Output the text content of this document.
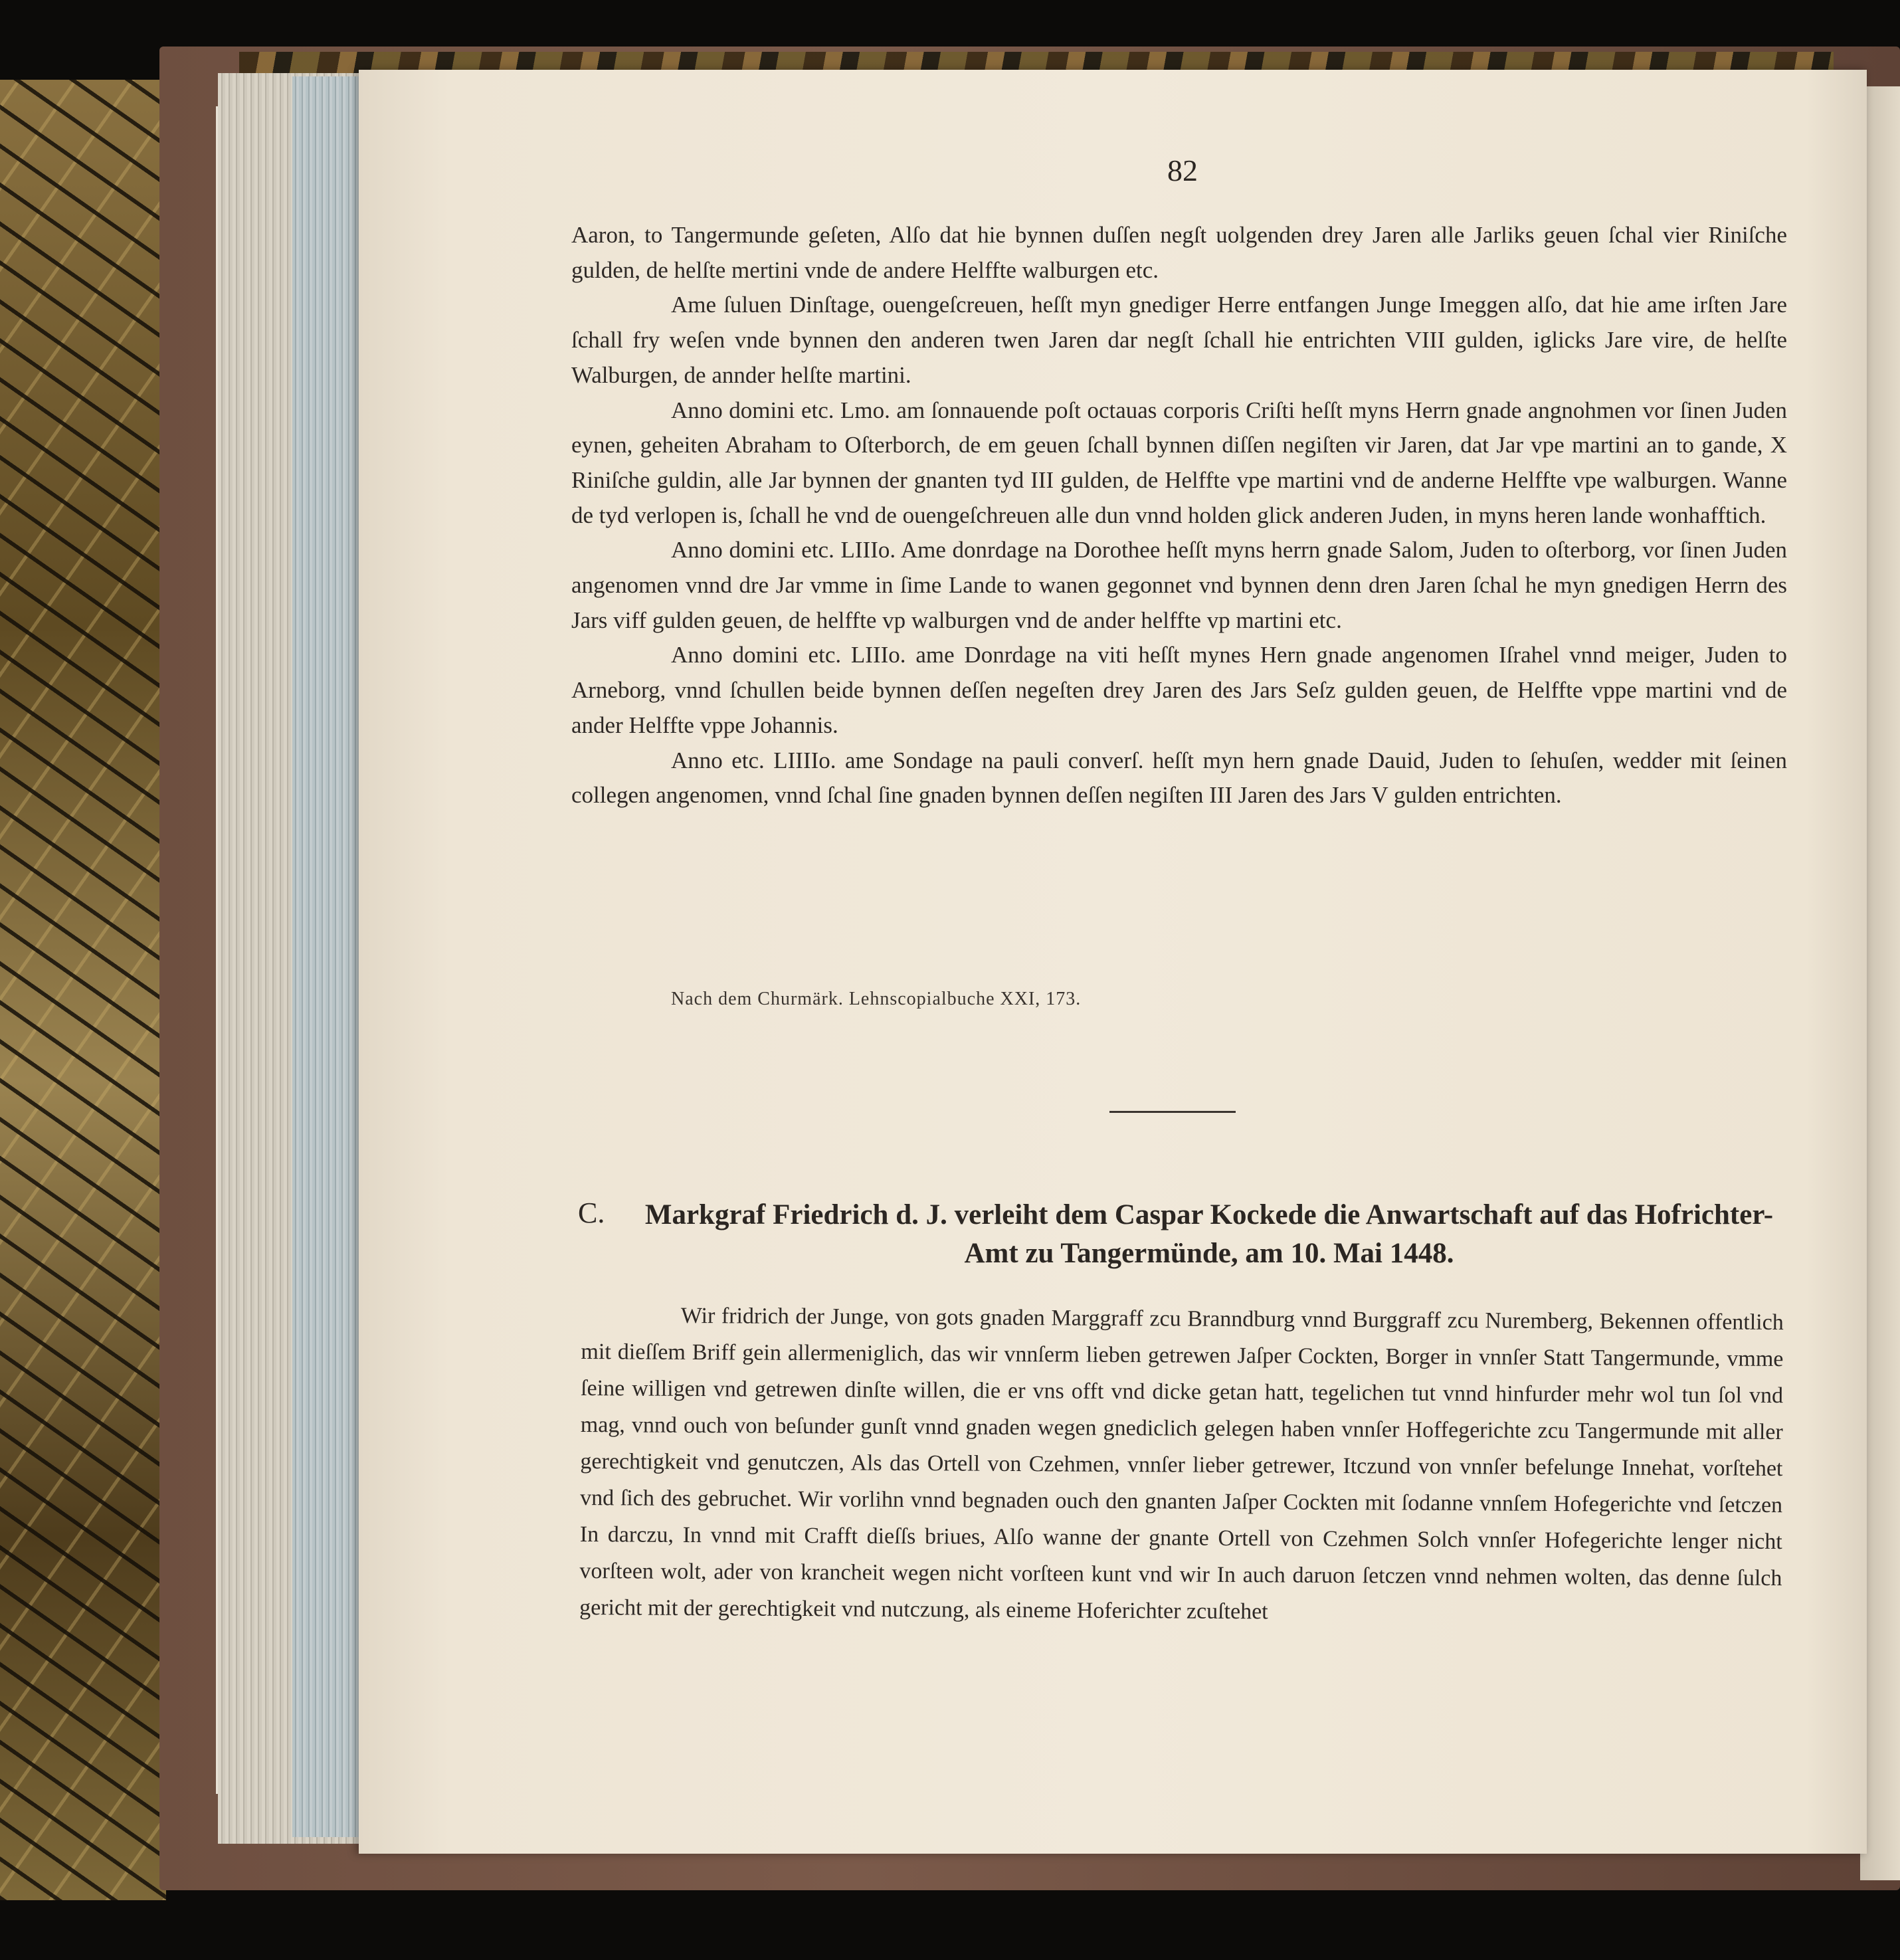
82

Aaron, to Tangermunde geſeten, Alſo dat hie bynnen duſſen negſt uolgenden drey Jaren alle Jarliks geuen ſchal vier Riniſche gulden, de helſte mertini vnde de andere Helffte walburgen etc.

Ame ſuluen Dinſtage, ouengeſcreuen, heſſt myn gnediger Herre entfangen Junge Imeggen alſo, dat hie ame irſten Jare ſchall fry weſen vnde bynnen den anderen twen Jaren dar negſt ſchall hie entrichten VIII gulden, iglicks Jare vire, de helſte Walburgen, de annder helſte martini.

Anno domini etc. Lmo. am ſonnauende poſt octauas corporis Criſti heſſt myns Herrn gnade angnohmen vor ſinen Juden eynen, geheiten Abraham to Oſterborch, de em geuen ſchall bynnen diſſen negiſten vir Jaren, dat Jar vpe martini an to gande, X Riniſche guldin, alle Jar bynnen der gnanten tyd III gulden, de Helffte vpe martini vnd de anderne Helffte vpe walburgen. Wanne de tyd verlopen is, ſchall he vnd de ouengeſchreuen alle dun vnnd holden glick anderen Juden, in myns heren lande wonhafftich.

Anno domini etc. LIIIo. Ame donrdage na Dorothee heſſt myns herrn gnade Salom, Juden to oſterborg, vor ſinen Juden angenomen vnnd dre Jar vmme in ſime Lande to wanen gegonnet vnd bynnen denn dren Jaren ſchal he myn gnedigen Herrn des Jars viff gulden geuen, de helffte vp walburgen vnd de ander helffte vp martini etc.

Anno domini etc. LIIIo. ame Donrdage na viti heſſt mynes Hern gnade angenomen Iſrahel vnnd meiger, Juden to Arneborg, vnnd ſchullen beide bynnen deſſen negeſten drey Jaren des Jars Seſz gulden geuen, de Helffte vppe martini vnd de ander Helffte vppe Johannis.

Anno etc. LIIIIo. ame Sondage na pauli converſ. heſſt myn hern gnade Dauid, Juden to ſehuſen, wedder mit ſeinen collegen angenomen, vnnd ſchal ſine gnaden bynnen deſſen negiſten III Jaren des Jars V gulden entrichten.

Nach dem Churmärk. Lehnscopialbuche XXI, 173.
C.	Markgraf Friedrich d. J. verleiht dem Caspar Kockede die Anwartschaft auf das Hofrichter-Amt zu Tangermünde, am 10. Mai 1448.

Wir fridrich der Junge, von gots gnaden Marggraff zcu Branndburg vnnd Burggraff zcu Nuremberg, Bekennen offentlich mit dieſſem Briff gein allermeniglich, das wir vnnſerm lieben getrewen Jaſper Cockten, Borger in vnnſer Statt Tangermunde, vmme ſeine willigen vnd getrewen dinſte willen, die er vns offt vnd dicke getan hatt, tegelichen tut vnnd hinfurder mehr wol tun ſol vnd mag, vnnd ouch von beſunder gunſt vnnd gnaden wegen gnediclich gelegen haben vnnſer Hoffegerichte zcu Tangermunde mit aller gerechtigkeit vnd genutczen, Als das Ortell von Czehmen, vnnſer lieber getrewer, Itczund von vnnſer befelunge Innehat, vorſtehet vnd ſich des gebruchet. Wir vorlihn vnnd begnaden ouch den gnanten Jaſper Cockten mit ſodanne vnnſem Hofegerichte vnd ſetczen In darczu, In vnnd mit Crafft dieſſs briues, Alſo wanne der gnante Ortell von Czehmen Solch vnnſer Hofegerichte lenger nicht vorſteen wolt, ader von krancheit wegen nicht vorſteen kunt vnd wir In auch daruon ſetczen vnnd nehmen wolten, das denne ſulch gericht mit der gerechtigkeit vnd nutczung, als eineme Hoferichter zcuſtehet
